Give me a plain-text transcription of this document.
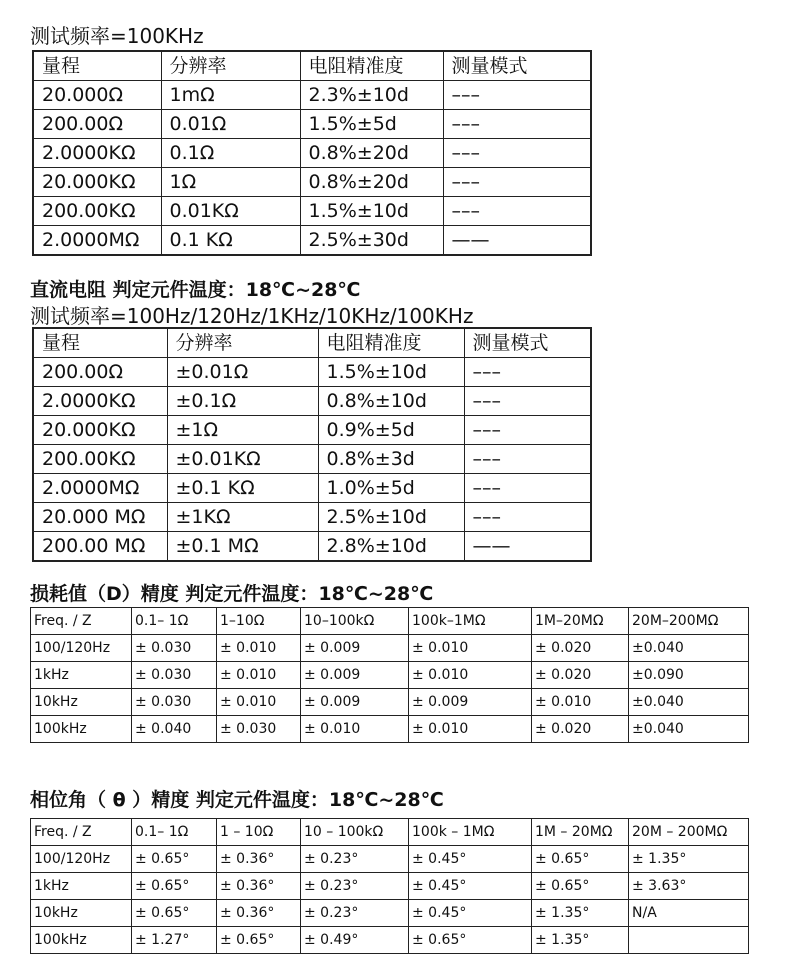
测试频率=100KHz
量程	分辨率	电阻精准度	测量模式
20.000Ω	1mΩ	2.3%±10d	–––
200.00Ω	0.01Ω	1.5%±5d	–––
2.0000KΩ	0.1Ω	0.8%±20d	–––
20.000KΩ	1Ω	0.8%±20d	–––
200.00KΩ	0.01KΩ	1.5%±10d	–––
2.0000MΩ	0.1 KΩ	2.5%±30d	——
直流电阻 判定元件温度：18℃~28℃
测试频率=100Hz/120Hz/1KHz/10KHz/100KHz
量程	分辨率	电阻精准度	测量模式
200.00Ω	±0.01Ω	1.5%±10d	–––
2.0000KΩ	±0.1Ω	0.8%±10d	–––
20.000KΩ	±1Ω	0.9%±5d	–––
200.00KΩ	±0.01KΩ	0.8%±3d	–––
2.0000MΩ	±0.1 KΩ	1.0%±5d	–––
20.000 MΩ	±1KΩ	2.5%±10d	–––
200.00 MΩ	±0.1 MΩ	2.8%±10d	——
损耗值（D）精度 判定元件温度：18℃~28℃
Freq. / Z	0.1– 1Ω	1–10Ω	10–100kΩ	100k–1MΩ	1M–20MΩ	20M–200MΩ
100/120Hz	± 0.030	± 0.010	± 0.009	± 0.010	± 0.020	±0.040
1kHz	± 0.030	± 0.010	± 0.009	± 0.010	± 0.020	±0.090
10kHz	± 0.030	± 0.010	± 0.009	± 0.009	± 0.010	±0.040
100kHz	± 0.040	± 0.030	± 0.010	± 0.010	± 0.020	±0.040
相位角（ θ ）精度 判定元件温度：18℃~28℃
Freq. / Z	0.1– 1Ω	1 – 10Ω	10 – 100kΩ	100k – 1MΩ	1M – 20MΩ	20M – 200MΩ
100/120Hz	± 0.65°	± 0.36°	± 0.23°	± 0.45°	± 0.65°	± 1.35°
1kHz	± 0.65°	± 0.36°	± 0.23°	± 0.45°	± 0.65°	± 3.63°
10kHz	± 0.65°	± 0.36°	± 0.23°	± 0.45°	± 1.35°	N/A
100kHz	± 1.27°	± 0.65°	± 0.49°	± 0.65°	± 1.35°	
